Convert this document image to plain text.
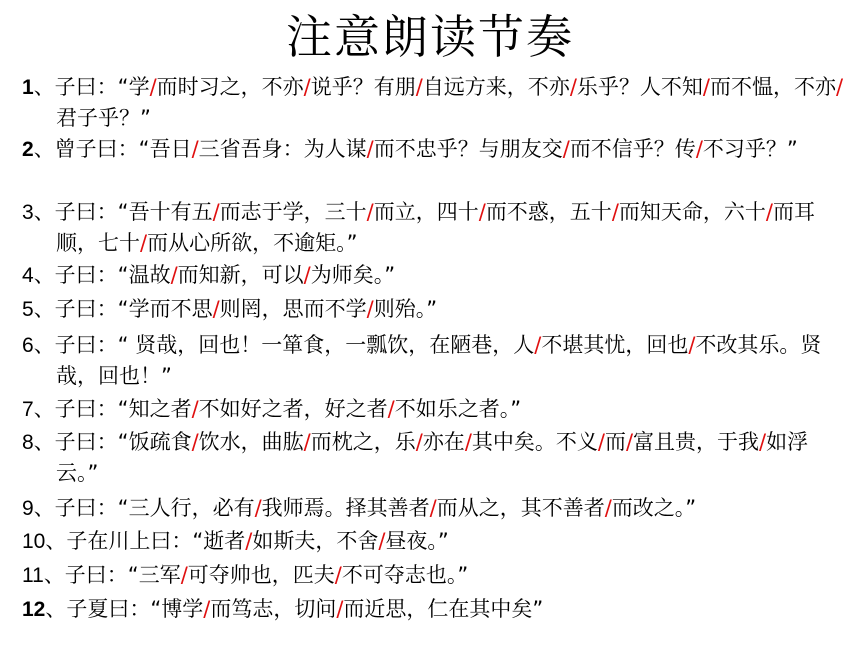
注意朗读节奏
1、子曰：“学/而时习之，不亦/说乎？有朋/自远方来，不亦/乐乎？人不知/而不愠，不亦/君子乎？”
2、曾子曰：“吾日/三省吾身：为人谋/而不忠乎？与朋友交/而不信乎？传/不习乎？”
3、子曰：“吾十有五/而志于学，三十/而立，四十/而不惑，五十/而知天命，六十/而耳顺，七十/而从心所欲，不逾矩。”
4、子曰：“温故/而知新，可以/为师矣。”
5、子曰：“学而不思/则罔，思而不学/则殆。”
6、子曰：“ 贤哉，回也！一箪食，一瓢饮，在陋巷，人/不堪其忧，回也/不改其乐。贤哉，回也！”
7、子曰：“知之者/不如好之者，好之者/不如乐之者。”
8、子曰：“饭疏食/饮水，曲肱/而枕之，乐/亦在/其中矣。不义/而/富且贵，于我/如浮云。”
9、子曰：“三人行，必有/我师焉。择其善者/而从之，其不善者/而改之。”
10、子在川上曰：“逝者/如斯夫，不舍/昼夜。”
11、子曰：“三军/可夺帅也，匹夫/不可夺志也。”
12、子夏曰：“博学/而笃志，切问/而近思，仁在其中矣”
